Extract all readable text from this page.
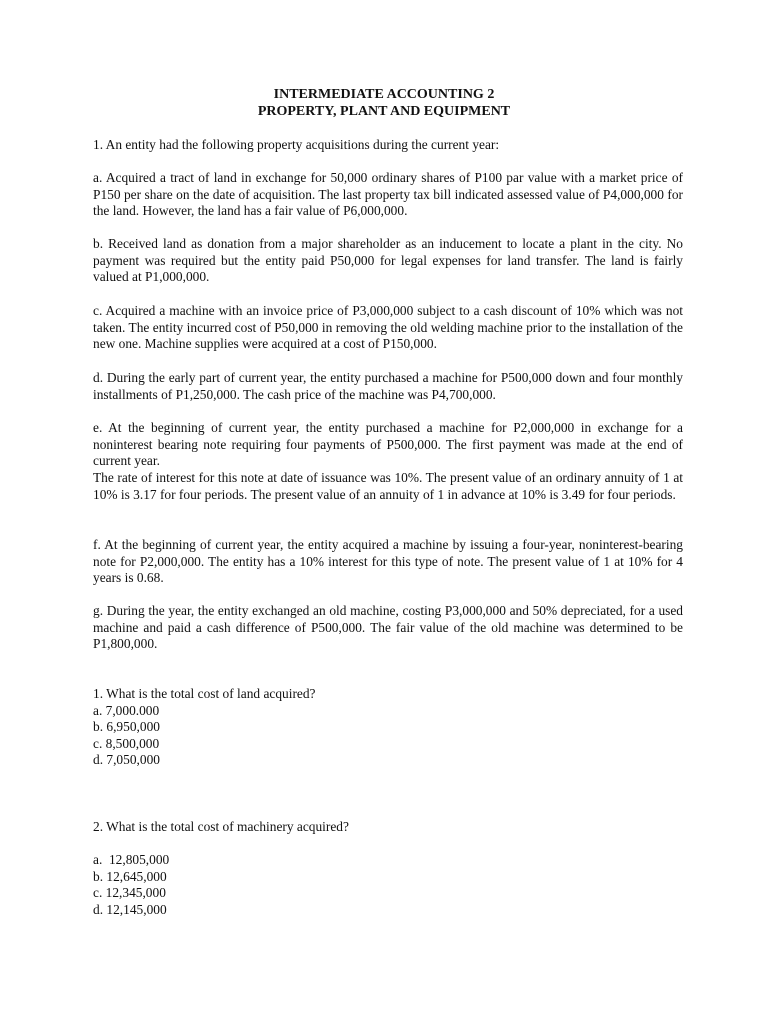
INTERMEDIATE ACCOUNTING 2
PROPERTY, PLANT AND EQUIPMENT

1. An entity had the following property acquisitions during the current year:

a. Acquired a tract of land in exchange for 50,000 ordinary shares of P100 par value with a market price of P150 per share on the date of acquisition. The last property tax bill indicated assessed value of P4,000,000 for the land. However, the land has a fair value of P6,000,000.

b. Received land as donation from a major shareholder as an inducement to locate a plant in the city. No payment was required but the entity paid P50,000 for legal expenses for land transfer. The land is fairly valued at P1,000,000.

c. Acquired a machine with an invoice price of P3,000,000 subject to a cash discount of 10% which was not taken. The entity incurred cost of P50,000 in removing the old welding machine prior to the installation of the new one. Machine supplies were acquired at a cost of P150,000.

d. During the early part of current year, the entity purchased a machine for P500,000 down and four monthly installments of P1,250,000. The cash price of the machine was P4,700,000.

e. At the beginning of current year, the entity purchased a machine for P2,000,000 in exchange for a noninterest bearing note requiring four payments of P500,000. The first payment was made at the end of current year.

The rate of interest for this note at date of issuance was 10%. The present value of an ordinary annuity of 1 at 10% is 3.17 for four periods. The present value of an annuity of 1 in advance at 10% is 3.49 for four periods.

f. At the beginning of current year, the entity acquired a machine by issuing a four-year, noninterest-bearing note for P2,000,000. The entity has a 10% interest for this type of note. The present value of 1 at 10% for 4 years is 0.68.

g. During the year, the entity exchanged an old machine, costing P3,000,000 and 50% depreciated, for a used machine and paid a cash difference of P500,000. The fair value of the old machine was determined to be P1,800,000.

1. What is the total cost of land acquired?
a. 7,000.000
b. 6,950,000
c. 8,500,000
d. 7,050,000
2. What is the total cost of machinery acquired?
a.  12,805,000
b. 12,645,000
c. 12,345,000
d. 12,145,000
